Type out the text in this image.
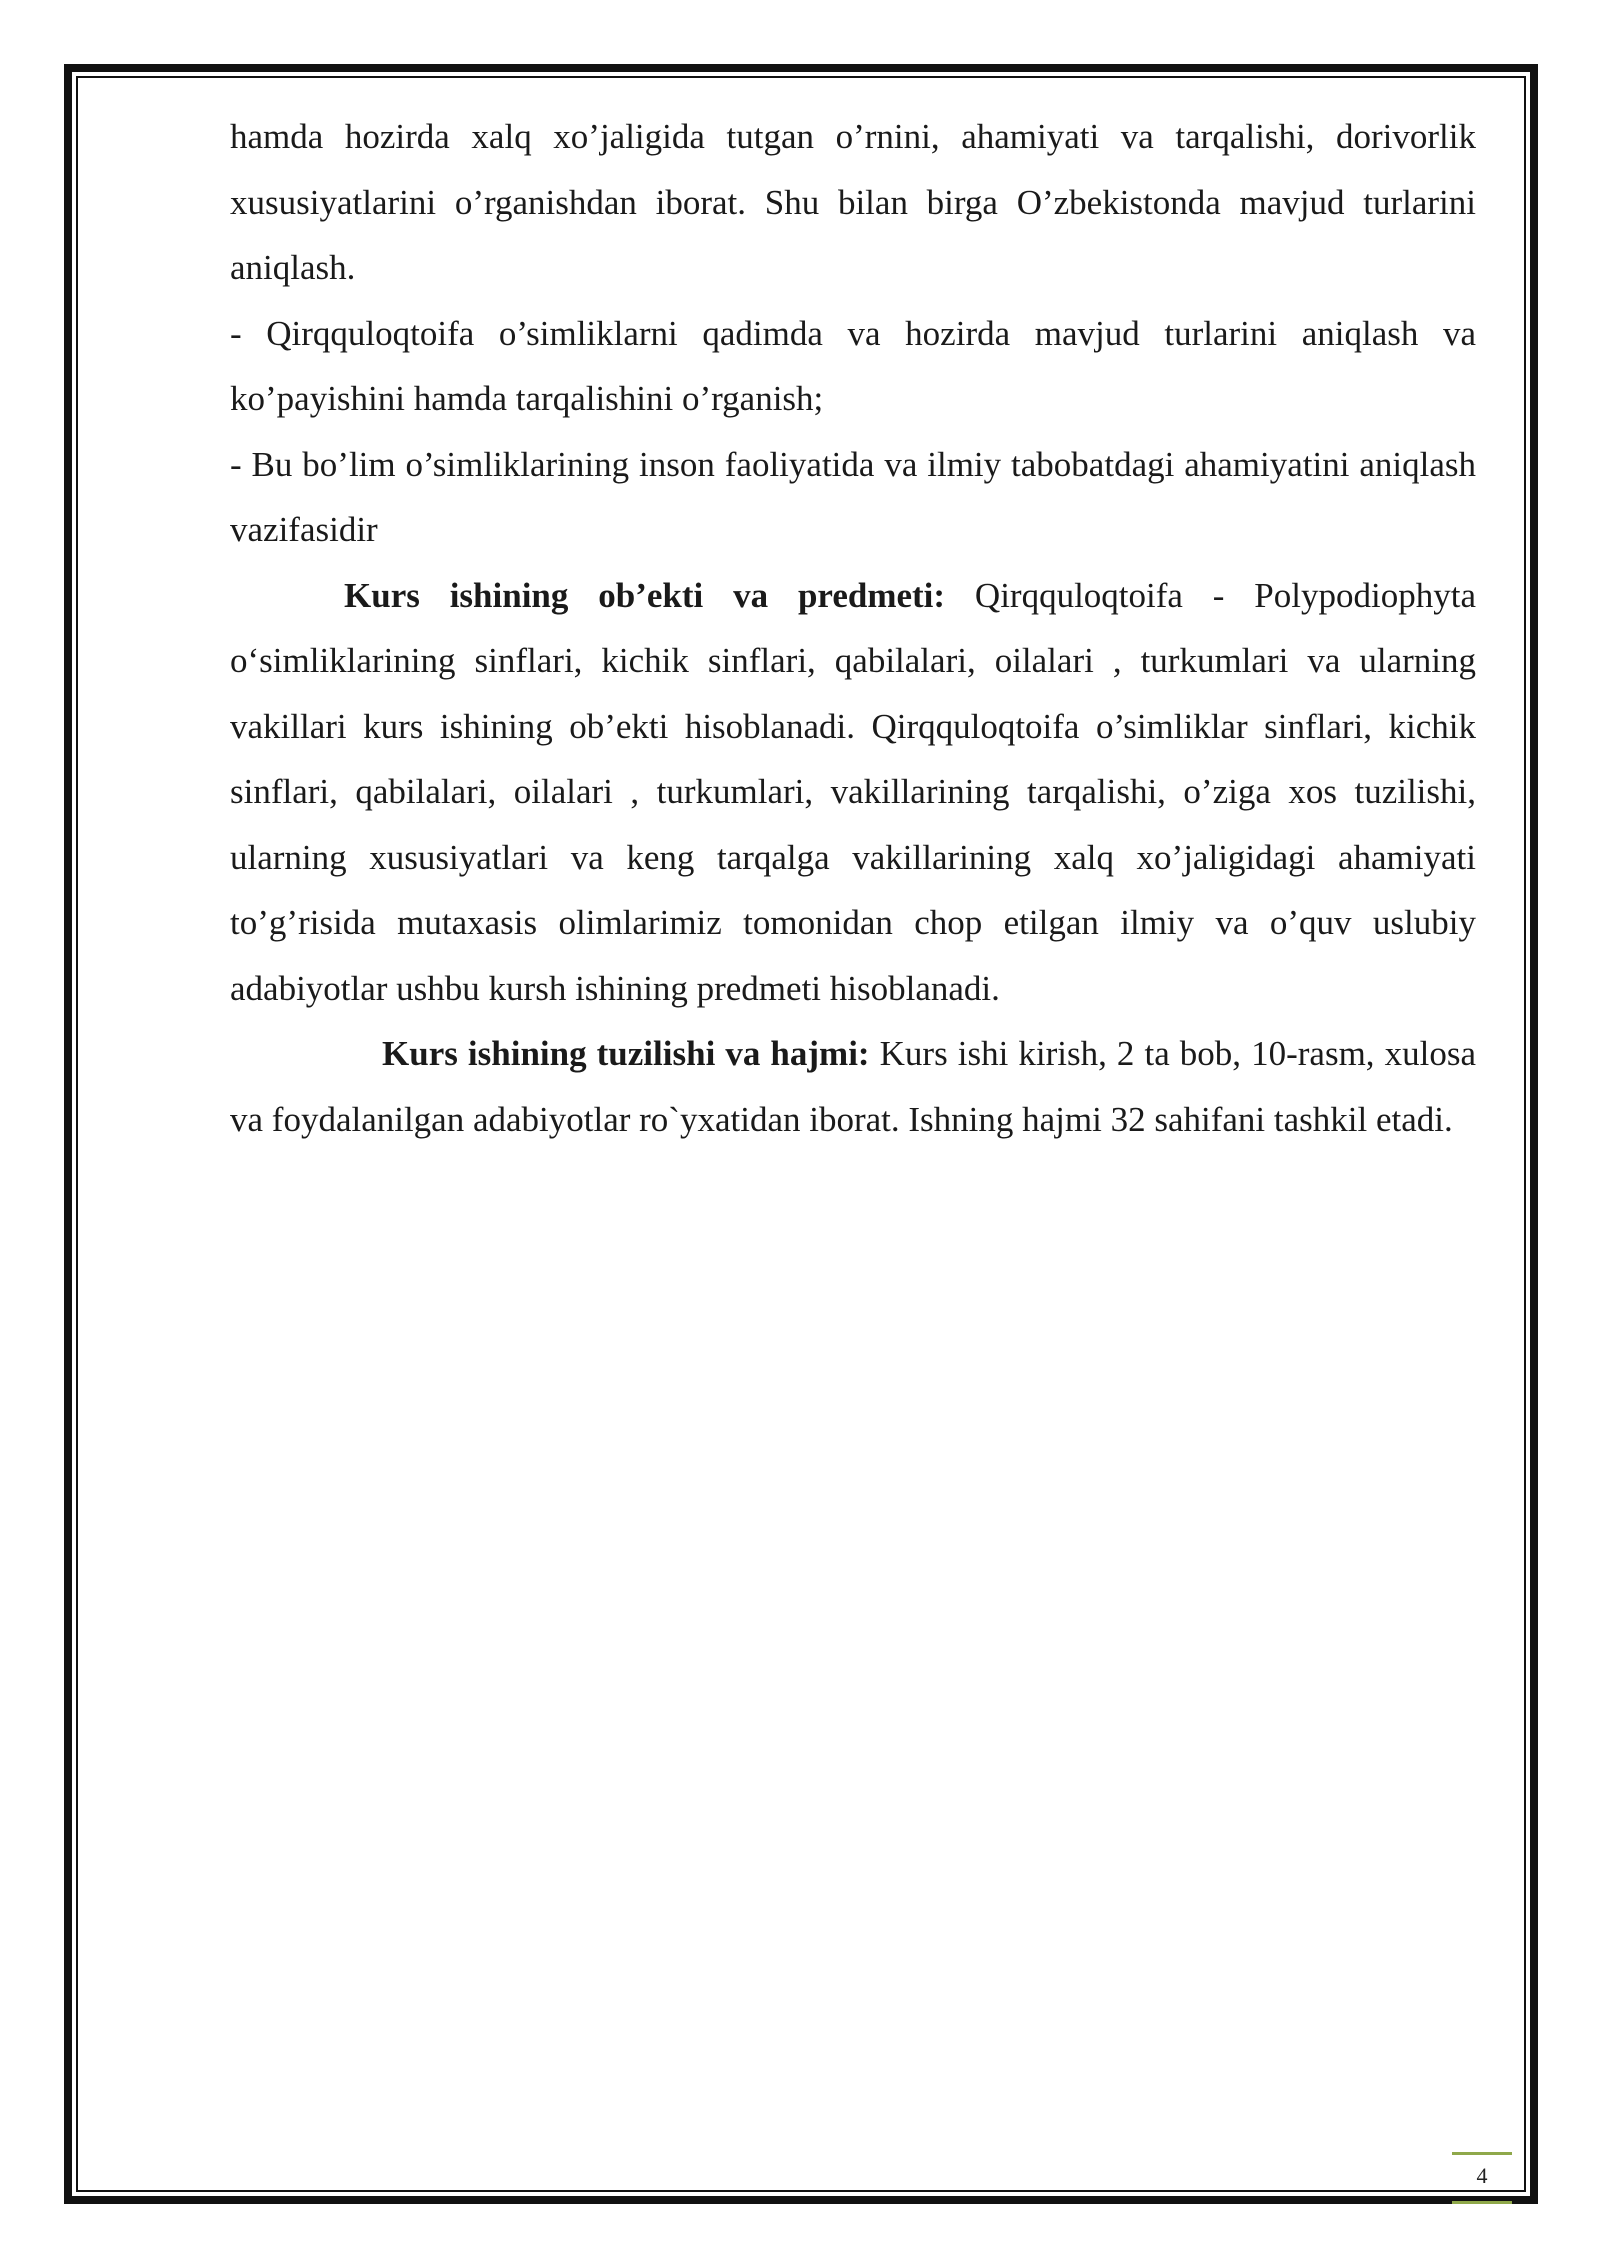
hamda hozirda xalq xo’jaligida tutgan o’rnini, ahamiyati va tarqalishi, dorivorlik xususiyatlarini o’rganishdan iborat. Shu bilan birga O’zbekistonda mavjud turlarini aniqlash.

- Qirqquloqtoifa o’simliklarni qadimda va hozirda mavjud turlarini aniqlash va ko’payishini hamda tarqalishini o’rganish;

- Bu bo’lim o’simliklarining inson faoliyatida va ilmiy tabobatdagi ahamiyatini aniqlash vazifasidir

Kurs ishining ob’ekti va predmeti: Qirqquloqtoifa - Polypodiophyta o‘simliklarining sinflari, kichik sinflari, qabilalari, oilalari , turkumlari va ularning vakillari kurs ishining ob’ekti hisoblanadi. Qirqquloqtoifa o’simliklar sinflari, kichik sinflari, qabilalari, oilalari , turkumlari, vakillarining tarqalishi, o’ziga xos tuzilishi, ularning xususiyatlari va keng tarqalga vakillarining xalq xo’jaligidagi ahamiyati to’g’risida mutaxasis olimlarimiz tomonidan chop etilgan ilmiy va o’quv uslubiy adabiyotlar ushbu kursh ishining predmeti hisoblanadi.

Kurs ishining tuzilishi va hajmi: Kurs ishi kirish, 2 ta bob, 10-rasm, xulosa va foydalanilgan adabiyotlar ro`yxatidan iborat. Ishning hajmi 32 sahifani tashkil etadi.

4
